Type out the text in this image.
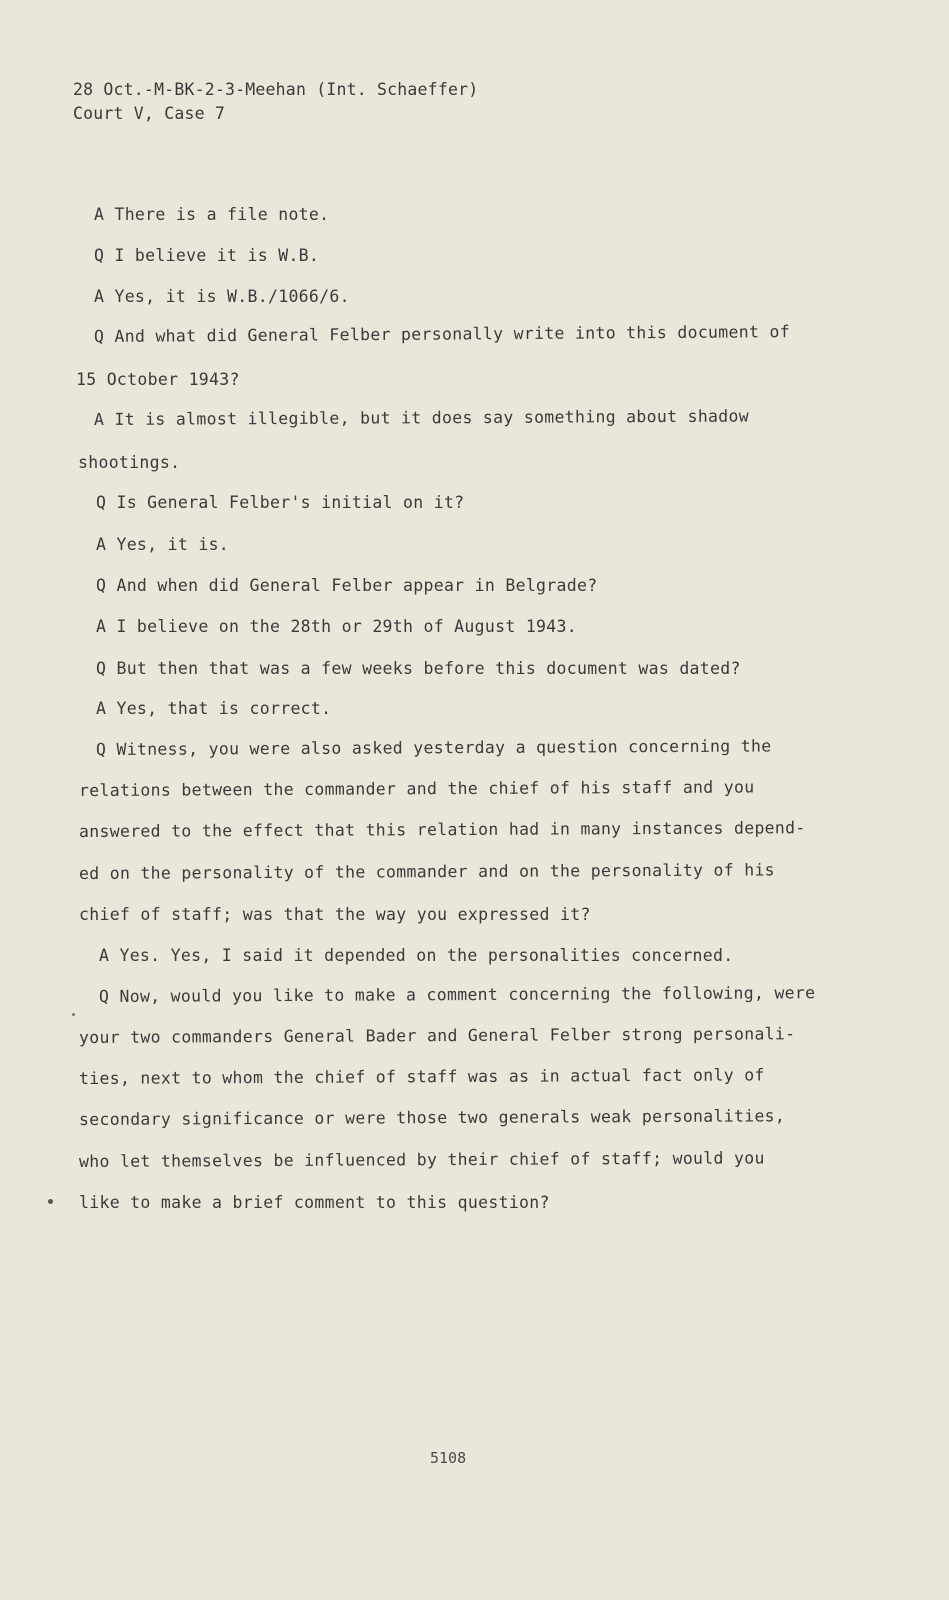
28 Oct.-M-BK-2-3-Meehan (Int. Schaeffer)
Court V, Case 7
A There is a file note.
Q I believe it is W.B.
A Yes, it is W.B./1066/6.
Q And what did General Felber personally write into this document of
15 October 1943?
A It is almost illegible, but it does say something about shadow
shootings.
Q Is General Felber's initial on it?
A Yes, it is.
Q And when did General Felber appear in Belgrade?
A I believe on the 28th or 29th of August 1943.
Q But then that was a few weeks before this document was dated?
A Yes, that is correct.
Q Witness, you were also asked yesterday a question concerning the
relations between the commander and the chief of his staff and you
answered to the effect that this relation had in many instances depend-
ed on the personality of the commander and on the personality of his
chief of staff; was that the way you expressed it?
A Yes. Yes, I said it depended on the personalities concerned.
Q Now, would you like to make a comment concerning the following, were
your two commanders General Bader and General Felber strong personali-
ties, next to whom the chief of staff was as in actual fact only of
secondary significance or were those two generals weak personalities,
who let themselves be influenced by their chief of staff; would you
like to make a brief comment to this question?
5108
